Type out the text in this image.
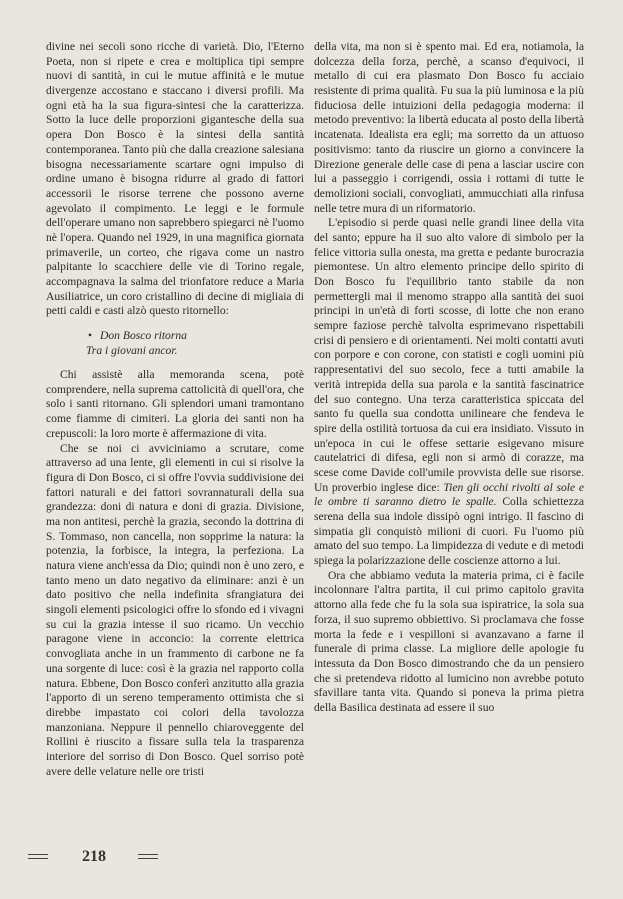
divine nei secoli sono ricche di varietà. Dio, l'Eterno Poeta, non si ripete e crea e moltiplica tipi sempre nuovi di santità, in cui le mutue affinità e le mutue divergenze accostano e staccano i diversi profili. Ma ogni età ha la sua figura-sintesi che la caratterizza. Sotto la luce delle proporzioni gigantesche della sua opera Don Bosco è la sintesi della santità contemporanea. Tanto più che dalla creazione salesiana bisogna necessariamente scartare ogni impulso di ordine umano è bisogna ridurre al grado di fattori accessorii le risorse terrene che possono averne agevolato il compimento. Le leggi e le formule dell'operare umano non saprebbero spiegarci nè l'uomo nè l'opera. Quando nel 1929, in una magnifica giornata primaverile, un corteo, che rigava come un nastro palpitante lo scacchiere delle vie di Torino regale, accompagnava la salma del trionfatore reduce a Maria Ausiliatrice, un coro cristallino di decine di migliaia di petti caldi e casti alzò questo ritornello:

• Don Bosco ritorna
Tra i giovani ancor.

Chi assistè alla memoranda scena, potè comprendere, nella suprema cattolicità di quell'ora, che solo i santi ritornano. Gli splendori umani tramontano come fiamme di cimiteri. La gloria dei santi non ha crepuscoli: la loro morte è affermazione di vita.

Che se noi ci avviciniamo a scrutare, come attraverso ad una lente, gli elementi in cui si risolve la figura di Don Bosco, ci si offre l'ovvia suddivisione dei fattori naturali e dei fattori sovrannaturali della sua grandezza: doni di natura e doni di grazia. Divisione, ma non antitesi, perchè la grazia, secondo la dottrina di S. Tommaso, non cancella, non sopprime la natura: la potenzia, la forbisce, la integra, la perfeziona. La natura viene anch'essa da Dio; quindi non è uno zero, e tanto meno un dato negativo da eliminare: anzi è un dato positivo che nella indefinita sfrangiatura dei singoli elementi psicologici offre lo sfondo ed i vivagni su cui la grazia intesse il suo ricamo. Un vecchio paragone viene in acconcio: la corrente elettrica convogliata anche in un frammento di carbone ne fa una sorgente di luce: così è la grazia nel rapporto colla natura. Ebbene, Don Bosco conferì anzitutto alla grazia l'apporto di un sereno temperamento ottimista che si direbbe impastato coi colori della tavolozza manzoniana. Neppure il pennello chiaroveggente del Rollini è riuscito a fissare sulla tela la trasparenza interiore del sorriso di Don Bosco. Quel sorriso potè avere delle velature nelle ore tristi

della vita, ma non si è spento mai. Ed era, notiamola, la dolcezza della forza, perchè, a scanso d'equivoci, il metallo di cui era plasmato Don Bosco fu acciaio resistente di prima qualità. Fu sua la più luminosa e la più fiduciosa delle intuizioni della pedagogia moderna: il metodo preventivo: la libertà educata al posto della libertà incatenata. Idealista era egli; ma sorretto da un attuoso positivismo: tanto da riuscire un giorno a convincere la Direzione generale delle case di pena a lasciar uscire con lui a passeggio i corrigendi, ossia i rottami di tutte le demolizioni sociali, convogliati, ammucchiati alla rinfusa nelle tetre mura di un riformatorio.

L'episodio si perde quasi nelle grandi linee della vita del santo; eppure ha il suo alto valore di simbolo per la felice vittoria sulla onesta, ma gretta e pedante burocrazia piemontese. Un altro elemento principe dello spirito di Don Bosco fu l'equilibrio tanto stabile da non permettergli mai il menomo strappo alla santità dei suoi principi in un'età di forti scosse, di lotte che non erano sempre faziose perchè talvolta esprimevano rispettabili crisi di pensiero e di orientamenti. Nei molti contatti avuti con porpore e con corone, con statisti e cogli uomini più rappresentativi del suo secolo, fece a tutti amabile la verità intrepida della sua parola e la santità fascinatrice del suo contegno. Una terza caratteristica spiccata del santo fu quella sua condotta unilineare che fendeva le spire della ostilità tortuosa da cui era insidiato. Vissuto in un'epoca in cui le offese settarie esigevano misure cautelatrici di difesa, egli non si armò di corazze, ma scese come Davide coll'umile provvista delle sue risorse. Un proverbio inglese dice: Tien gli occhi rivolti al sole e le ombre ti saranno dietro le spalle. Colla schiettezza serena della sua indole dissipò ogni intrigo. Il fascino di simpatia gli conquistò milioni di cuori. Fu l'uomo più amato del suo tempo. La limpidezza di vedute e di metodi spiega la polarizzazione delle coscienze attorno a lui.

Ora che abbiamo veduta la materia prima, ci è facile incolonnare l'altra partita, il cui primo capitolo gravita attorno alla fede che fu la sola sua ispiratrice, la sola sua forza, il suo supremo obbiettivo. Si proclamava che fosse morta la fede e i vespilloni si avanzavano a farne il funerale di prima classe. La migliore delle apologie fu intessuta da Don Bosco dimostrando che da un pensiero che si pretendeva ridotto al lumicino non avrebbe potuto sfavillare tanta vita. Quando si poneva la prima pietra della Basilica destinata ad essere il suo

218
